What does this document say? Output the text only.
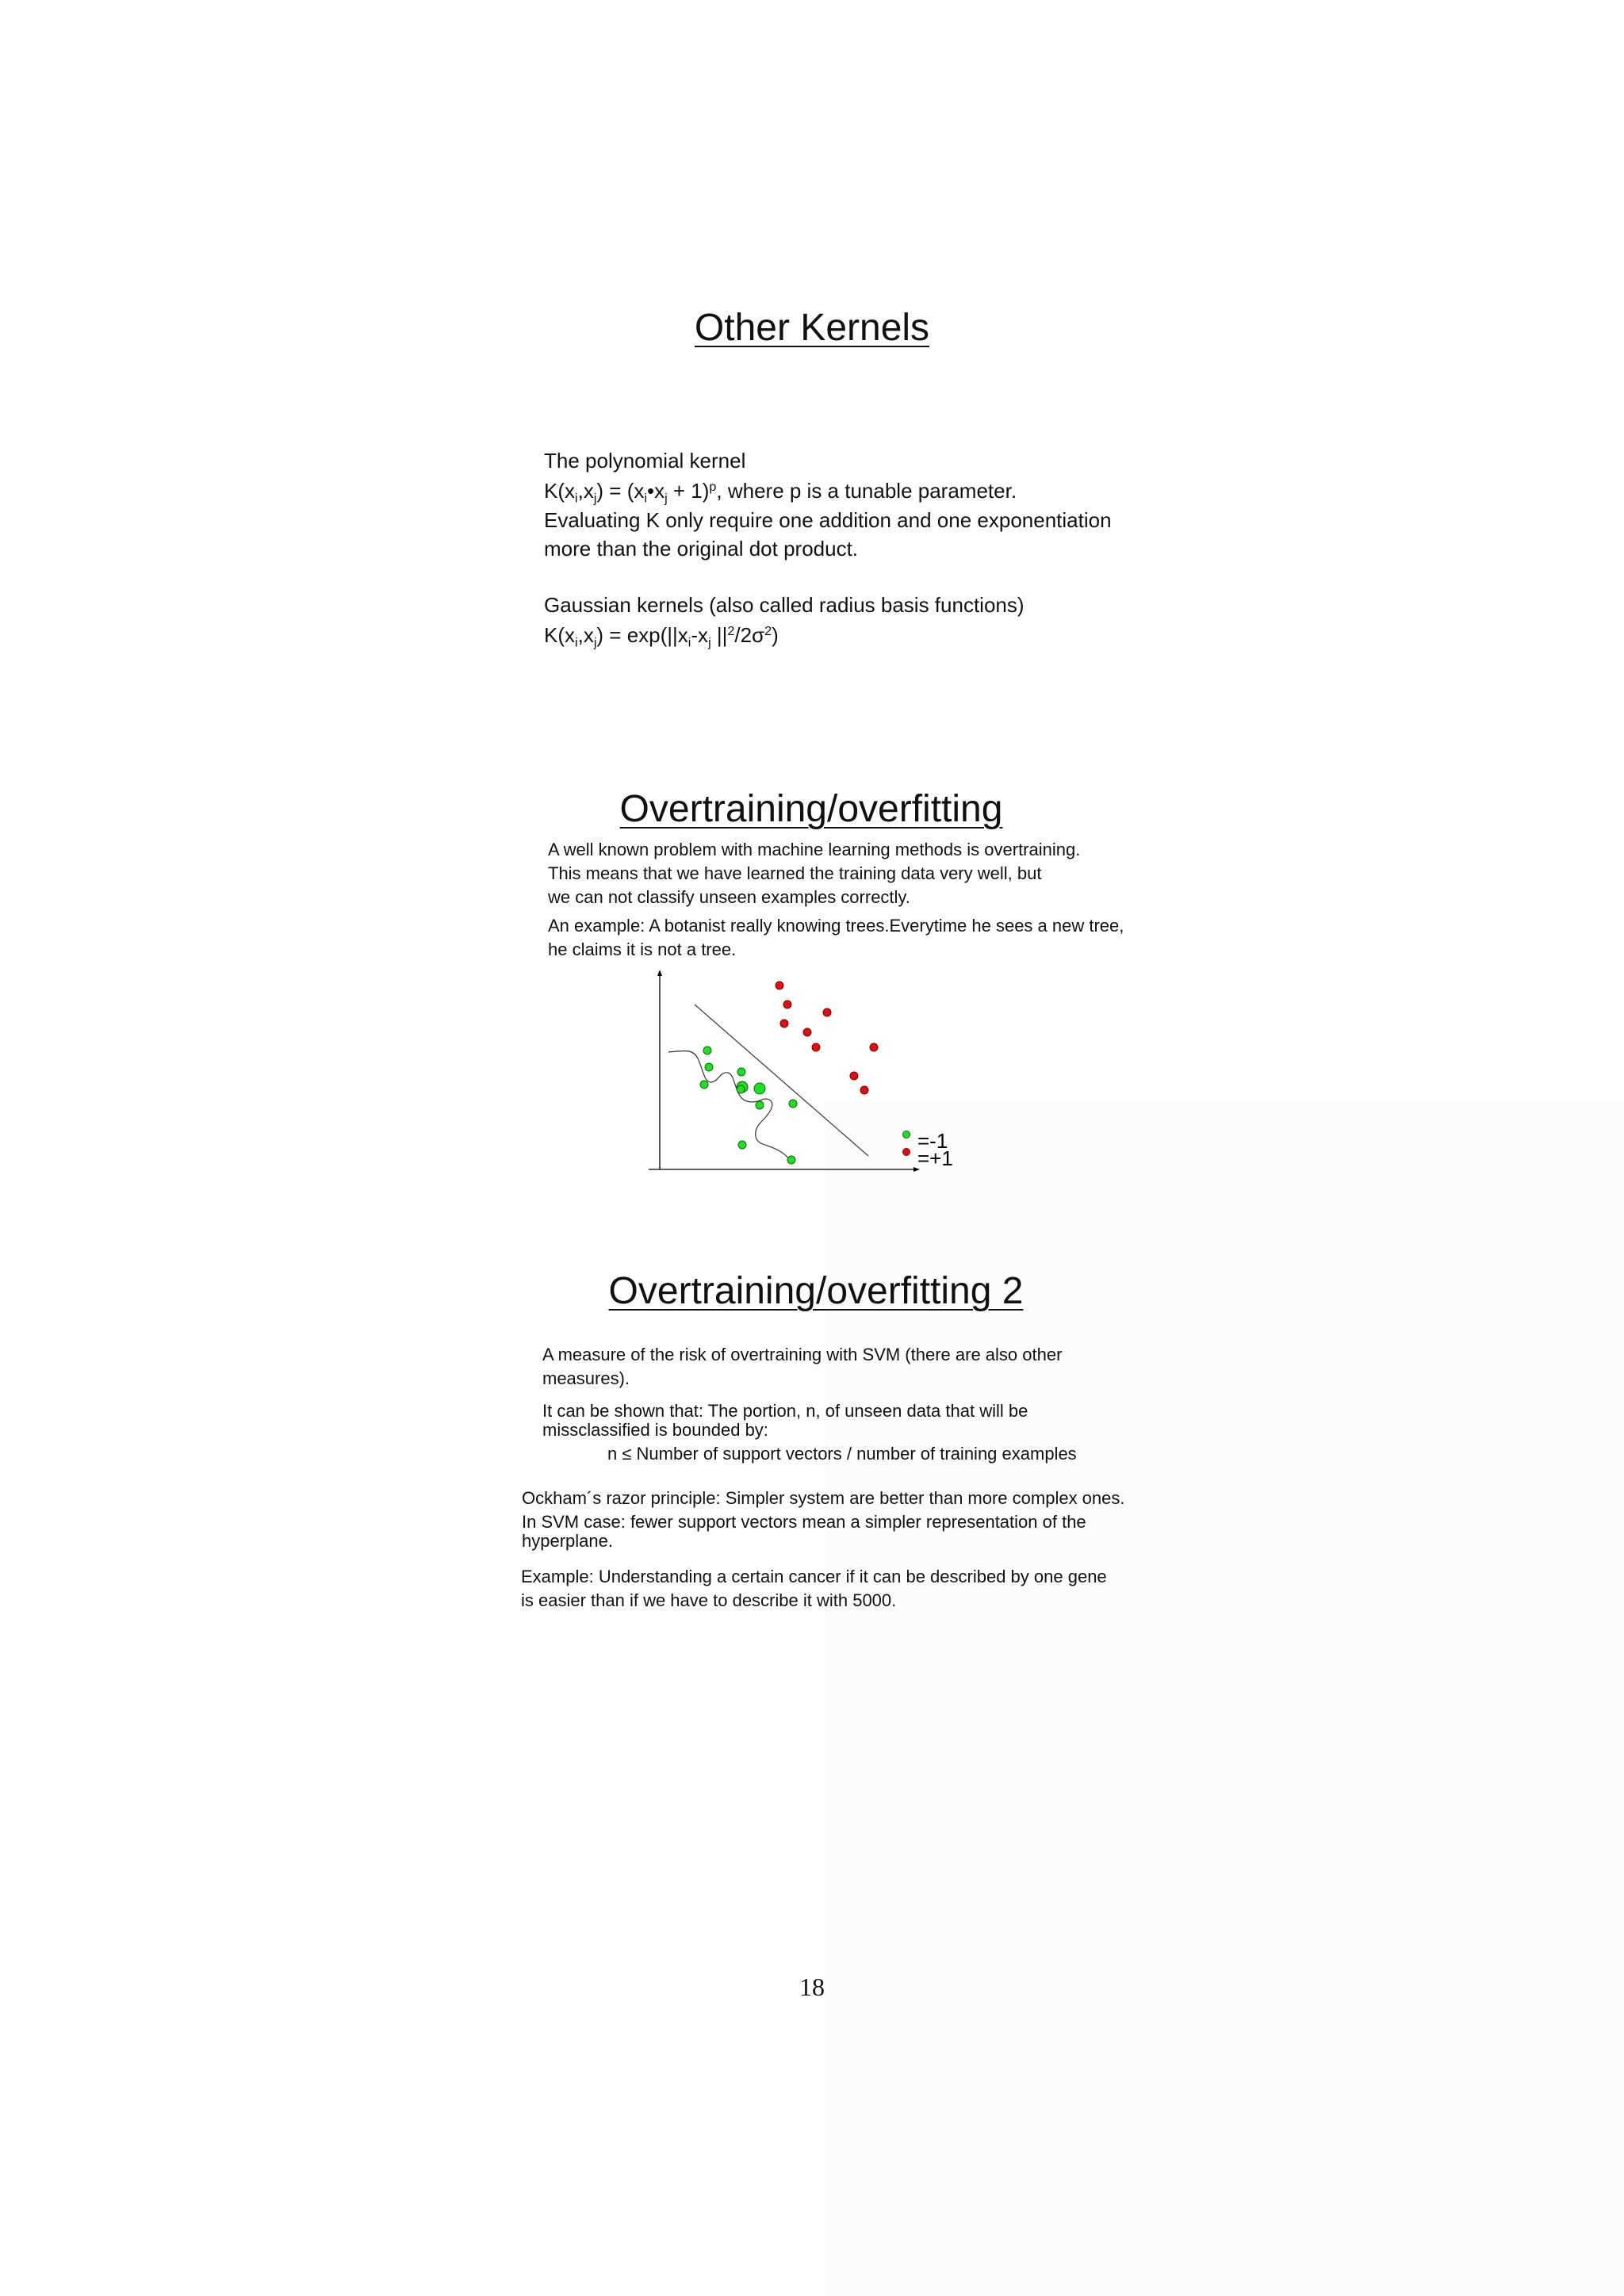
Other Kernels
The polynomial kernel
$K(x_i,x_j)$ = $(x_i•x_j + 1)^p$, where p is a tunable parameter.
Evaluating K only require one addition and one exponentiation
more than the original dot product.
Gaussian kernels (also called radius basis functions)
$K(x_i,x_j) = \exp(||x_i-x_j$ $||^2/2\sigma^2$)
Overtraining/overfitting
A well known problem with machine learning methods is overtraining.
This means that we have learned the training data very well, but
we can not classify unseen examples correctly.
An example: A botanist really knowing trees.Everytime he sees a new tree,
he claims it is not a tree.
=-1
=+1
Overtraining/overfitting 2
A measure of the risk of overtraining with SVM (there are also other
measures).
It can be shown that: The portion, n, of unseen data that will be
missclassified is bounded by:
n ≤ Number of support vectors / number of training examples
Ockham´s razor principle: Simpler system are better than more complex ones.
In SVM case: fewer support vectors mean a simpler representation of the
hyperplane.
Example: Understanding a certain cancer if it can be described by one gene
is easier than if we have to describe it with 5000.
18
